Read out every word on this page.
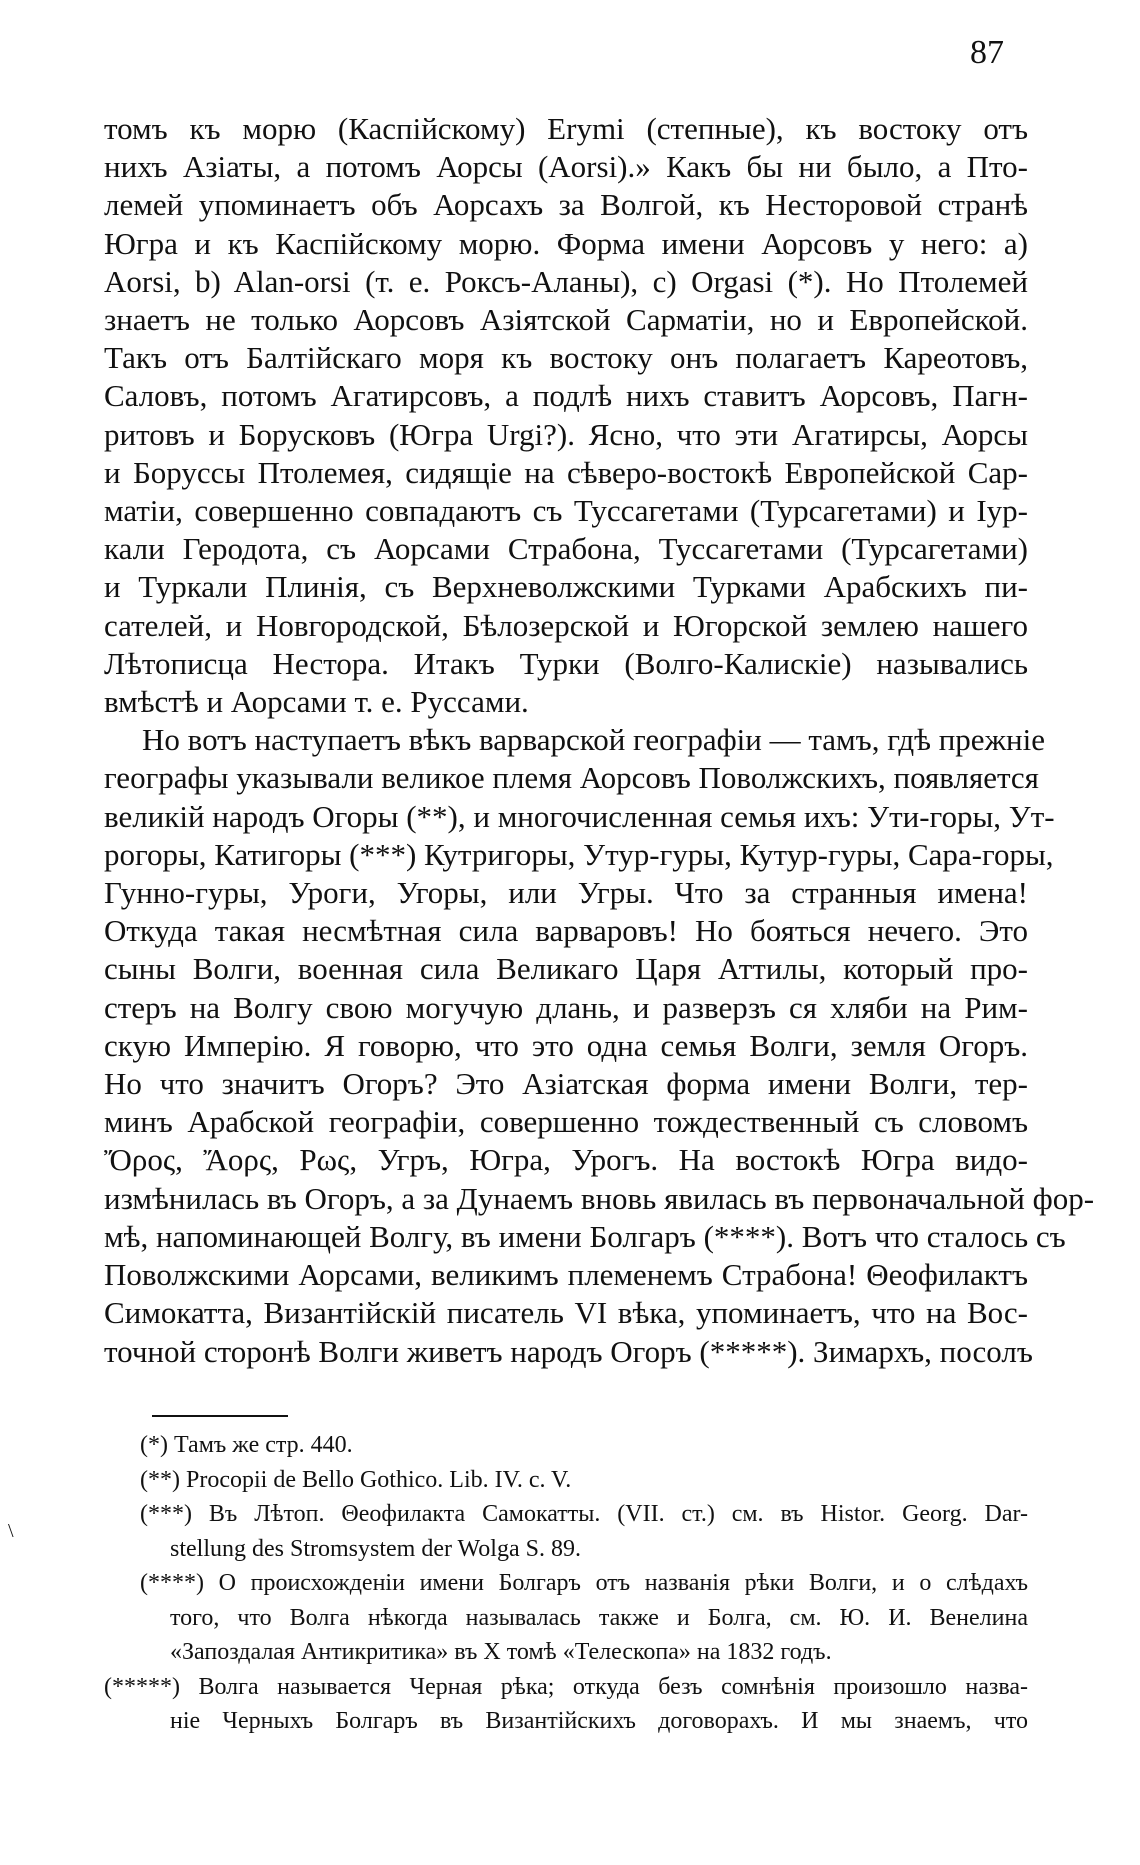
87
томъ къ морю (Каспійскому) Erymi (степные), къ востоку отъ
нихъ Азіаты, а потомъ Аорсы (Aorsi).» Какъ бы ни было, а Пто-
лемей упоминаетъ объ Аорсахъ за Волгой, къ Несторовой странѣ
Югра и къ Каспійскому морю. Форма имени Аорсовъ у него: a)
Aorsi, b) Alan-orsi (т. е. Роксъ-Аланы), c) Orgasi (*). Но Птолемей
знаетъ не только Аорсовъ Азіятской Сарматіи, но и Европейской.
Такъ отъ Балтійскаго моря къ востоку онъ полагаетъ Кареотовъ,
Саловъ, потомъ Агатирсовъ, а подлѣ нихъ ставитъ Аорсовъ, Пагн-
ритовъ и Борусковъ (Югра Urgi?). Ясно, что эти Агатирсы, Аорсы
и Боруссы Птолемея, сидящіе на сѣверо-востокѣ Европейской Сар-
матіи, совершенно совпадаютъ съ Туссагетами (Турсагетами) и Іур-
кали Геродота, съ Аорсами Страбона, Туссагетами (Турсагетами)
и Туркали Плинія, съ Верхневолжскими Турками Арабскихъ пи-
сателей, и Новгородской, Бѣлозерской и Югорской землею нашего
Лѣтописца Нестора. Итакъ Турки (Волго-Калискіе) назывались
вмѣстѣ и Аорсами т. е. Руссами.
Но вотъ наступаетъ вѣкъ варварской географіи — тамъ, гдѣ прежніе
географы указывали великое племя Аорсовъ Поволжскихъ, появляется
великій народъ Огоры (**), и многочисленная семья ихъ: Ути-горы, Ут-
рогоры, Катигоры (***) Кутригоры, Утур-гуры, Кутур-гуры, Сара-горы,
Гунно-гуры, Уроги, Угоры, или Угры. Что за странныя имена!
Откуда такая несмѣтная сила варваровъ! Но бояться нечего. Это
сыны Волги, военная сила Великаго Царя Аттилы, который про-
стеръ на Волгу свою могучую длань, и разверзъ ся хляби на Рим-
скую Имперію. Я говорю, что это одна семья Волги, земля Огоръ.
Но что значитъ Огоръ? Это Азіатская форма имени Волги, тер-
минъ Арабской географіи, совершенно тождественный съ словомъ
Ὄρος, Ἄορς, Ρως, Угръ, Югра, Урогъ. На востокѣ Югра видо-
измѣнилась въ Огоръ, а за Дунаемъ вновь явилась въ первоначальной фор-
мѣ, напоминающей Волгу, въ имени Болгаръ (****). Вотъ что сталось съ
Поволжскими Аорсами, великимъ племенемъ Страбона! Θеофилактъ
Симокатта, Византійскій писатель VI вѣка, упоминаетъ, что на Вос-
точной сторонѣ Волги живетъ народъ Огоръ (*****). Зимархъ, посолъ
(*) Тамъ же стр. 440.
(**) Procopii de Bello Gothico. Lib. IV. c. V.
(***) Въ Лѣтоп. Θеофилакта Самокатты. (VII. ст.) см. въ Histor. Georg. Dar-
stellung des Stromsystem der Wolga S. 89.
(****) О происхожденіи имени Болгаръ отъ названія рѣки Волги, и о слѣдахъ
того, что Волга нѣкогда называлась также и Болга, см. Ю. И. Венелина
«Запоздалая Антикритика» въ X томѣ «Телескопа» на 1832 годъ.
(*****) Волга называется Черная рѣка; откуда безъ сомнѣнія произошло назва-
ніе Черныхъ Болгаръ въ Византійскихъ договорахъ. И мы знаемъ, что
\
